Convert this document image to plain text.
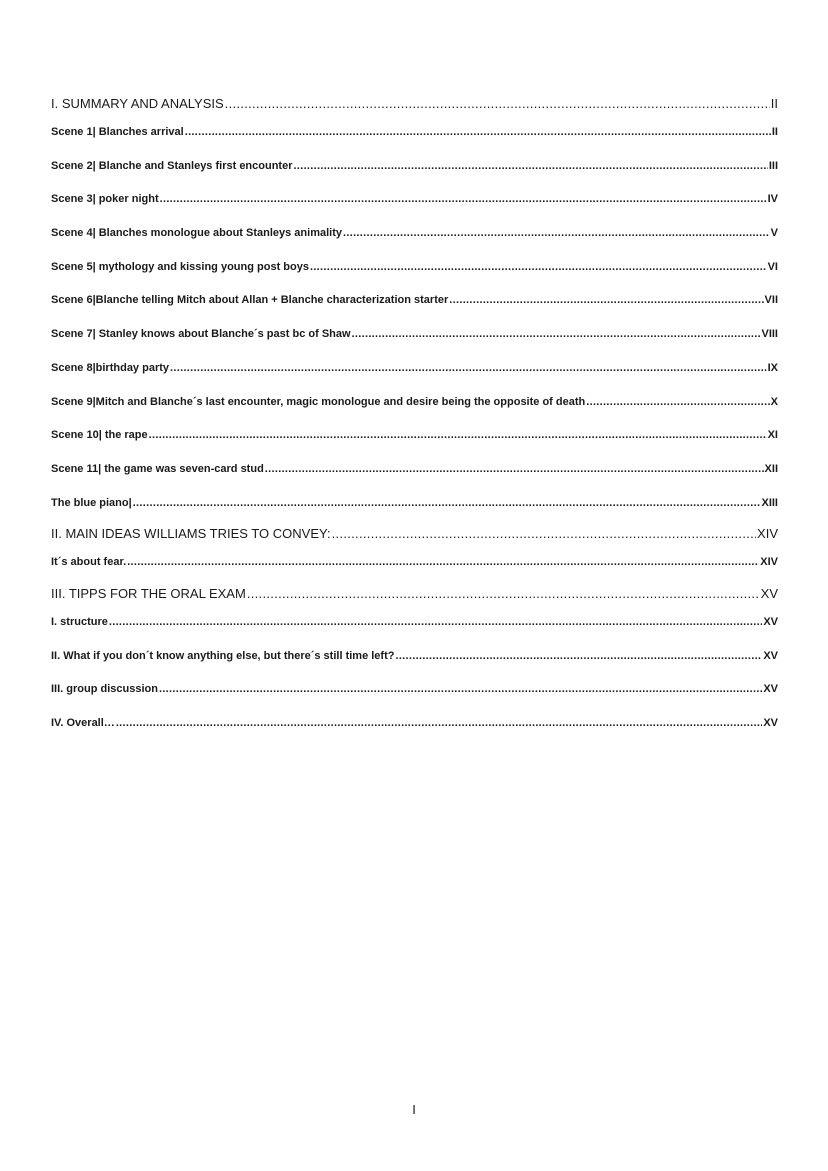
I. SUMMARY AND ANALYSIS .....	II
Scene 1| Blanches arrival .....	II
Scene 2| Blanche and Stanleys first encounter .....	III
Scene 3| poker night .....	IV
Scene 4| Blanches monologue about Stanleys animality .....	V
Scene 5| mythology and kissing young post boys .....	VI
Scene 6|Blanche telling Mitch about Allan + Blanche characterization starter .....	VII
Scene 7| Stanley knows about Blanche´s past bc of Shaw .....	VIII
Scene 8|birthday party .....	IX
Scene 9|Mitch and Blanche´s last encounter, magic monologue and desire being the opposite of death .....	X
Scene 10| the rape .....	XI
Scene 11| the game was seven-card stud .....	XII
The blue piano| .....	XIII
II. MAIN IDEAS WILLIAMS TRIES TO CONVEY: .....	XIV
It´s about fear. .....	XIV
III. TIPPS FOR THE ORAL EXAM .....	XV
I. structure .....	XV
II. What if you don´t know anything else, but there´s still time left? .....	XV
III. group discussion .....	XV
IV. Overall… .....	XV
I
